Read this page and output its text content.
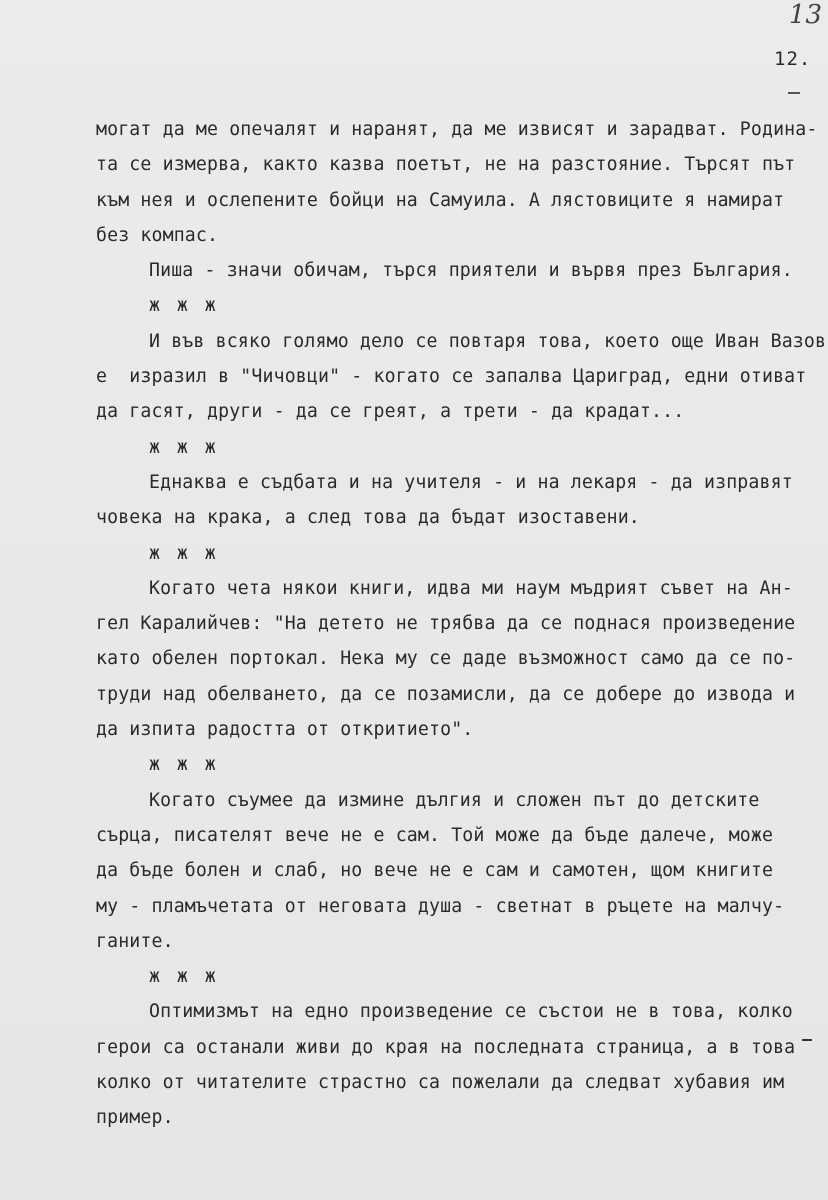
13
12.
могат да ме опечалят и наранят, да ме извисят и зарадват. Родина-
та се измерва, както казва поетът, не на разстояние. Търсят път
към нея и ослепените бойци на Самуила. А лястовиците я намират
без компас.
Пиша - значи обичам, търся приятели и вървя през България.
ж ж ж
И във всяко голямо дело се повтаря това, което още Иван Вазов
е  изразил в "Чичовци" - когато се запалва Цариград, едни отиват
да гасят, други - да се греят, а трети - да крадат...
ж ж ж
Еднаква е съдбата и на учителя - и на лекаря - да изправят
човека на крака, а след това да бъдат изоставени.
ж ж ж
Когато чета някои книги, идва ми наум мъдрият съвет на Ан-
гел Каралийчев: "На детето не трябва да се поднася произведение
като обелен портокал. Нека му се даде възможност само да се по-
труди над обелването, да се позамисли, да се добере до извода и
да изпита радостта от откритието".
ж ж ж
Когато съумее да измине дългия и сложен път до детските
сърца, писателят вече не е сам. Той може да бъде далече, може
да бъде болен и слаб, но вече не е сам и самотен, щом книгите
му - пламъчетата от неговата душа - светнат в ръцете на малчу-
ганите.
ж ж ж
Оптимизмът на едно произведение се състои не в това, колко
герои са останали живи до края на последната страница, а в това
колко от читателите страстно са пожелали да следват хубавия им
пример.
